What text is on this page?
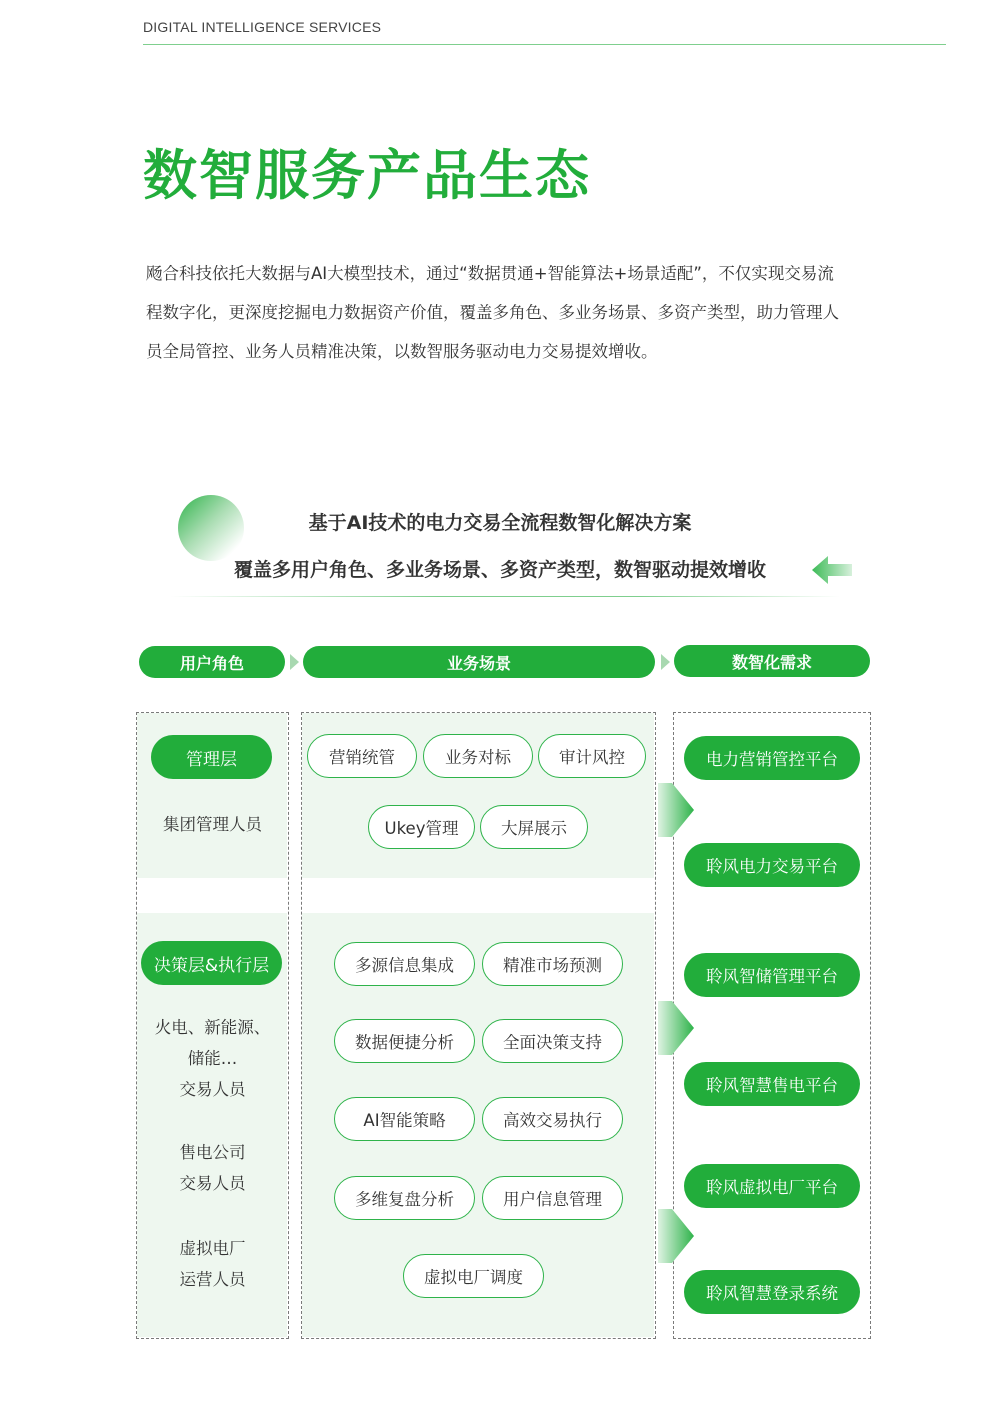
DIGITAL INTELLIGENCE SERVICES
数智服务产品生态
飏合科技依托大数据与AI大模型技术，通过“数据贯通+智能算法+场景适配”，不仅实现交易流
程数字化，更深度挖掘电力数据资产价值，覆盖多角色、多业务场景、多资产类型，助力管理人
员全局管控、业务人员精准决策，以数智服务驱动电力交易提效增收。
基于AI技术的电力交易全流程数智化解决方案
覆盖多用户角色、多业务场景、多资产类型，数智驱动提效增收
用户角色	业务场景	数智化需求
管理层
集团管理人员
决策层&执行层
火电、新能源、
储能…
交易人员
售电公司
交易人员
虚拟电厂
运营人员
营销统管	业务对标	审计风控
Ukey管理	大屏展示
多源信息集成	精准市场预测
数据便捷分析	全面决策支持
AI智能策略	高效交易执行
多维复盘分析	用户信息管理
虚拟电厂调度
电力营销管控平台
聆风电力交易平台
聆风智储管理平台
聆风智慧售电平台
聆风虚拟电厂平台
聆风智慧登录系统
